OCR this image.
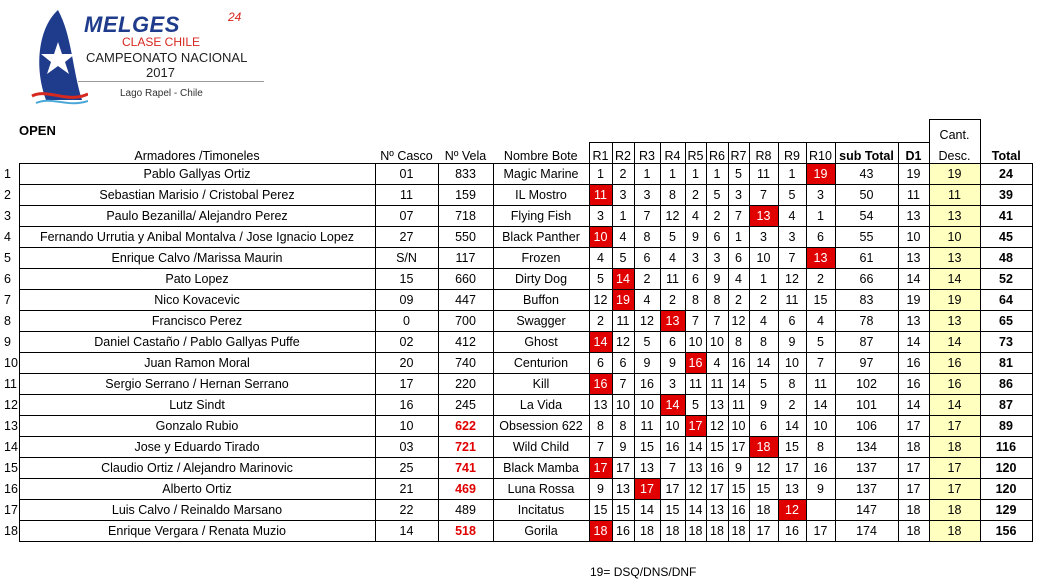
MELGES	24
CLASE CHILE
CAMPEONATO NACIONAL
2017
Lago Rapel - Chile
OPEN
																	Cant.	
	Armadores /Timoneles	Nº Casco	Nº Vela	Nombre Bote	R1	R2	R3	R4	R5	R6	R7	R8	R9	R10	sub Total	D1	Desc.	Total
1	Pablo Gallyas Ortiz	01	833	Magic Marine	1	2	1	1	1	1	5	11	1	19	43	19	19	24
2	Sebastian Marisio / Cristobal Perez	11	159	IL Mostro	11	3	3	8	2	5	3	7	5	3	50	11	11	39
3	Paulo Bezanilla/ Alejandro Perez	07	718	Flying Fish	3	1	7	12	4	2	7	13	4	1	54	13	13	41
4	Fernando Urrutia y Anibal Montalva / Jose Ignacio Lopez	27	550	Black Panther	10	4	8	5	9	6	1	3	3	6	55	10	10	45
5	Enrique Calvo /Marissa Maurin	S/N	117	Frozen	4	5	6	4	3	3	6	10	7	13	61	13	13	48
6	Pato Lopez	15	660	Dirty Dog	5	14	2	11	6	9	4	1	12	2	66	14	14	52
7	Nico Kovacevic	09	447	Buffon	12	19	4	2	8	8	2	2	11	15	83	19	19	64
8	Francisco Perez	0	700	Swagger	2	11	12	13	7	7	12	4	6	4	78	13	13	65
9	Daniel Castaño / Pablo Gallyas Puffe	02	412	Ghost	14	12	5	6	10	10	8	8	9	5	87	14	14	73
10	Juan Ramon Moral	20	740	Centurion	6	6	9	9	16	4	16	14	10	7	97	16	16	81
11	Sergio Serrano / Hernan Serrano	17	220	Kill	16	7	16	3	11	11	14	5	8	11	102	16	16	86
12	Lutz Sindt	16	245	La Vida	13	10	10	14	5	13	11	9	2	14	101	14	14	87
13	Gonzalo Rubio	10	622	Obsession 622	8	8	11	10	17	12	10	6	14	10	106	17	17	89
14	Jose y Eduardo Tirado	03	721	Wild Child	7	9	15	16	14	15	17	18	15	8	134	18	18	116
15	Claudio Ortiz / Alejandro Marinovic	25	741	Black Mamba	17	17	13	7	13	16	9	12	17	16	137	17	17	120
16	Alberto Ortiz	21	469	Luna Rossa	9	13	17	17	12	17	15	15	13	9	137	17	17	120
17	Luis Calvo / Reinaldo Marsano	22	489	Incitatus	15	15	14	15	14	13	16	18	12		147	18	18	129
18	Enrique Vergara / Renata Muzio	14	518	Gorila	18	16	18	18	18	18	18	17	16	17	174	18	18	156
19= DSQ/DNS/DNF
